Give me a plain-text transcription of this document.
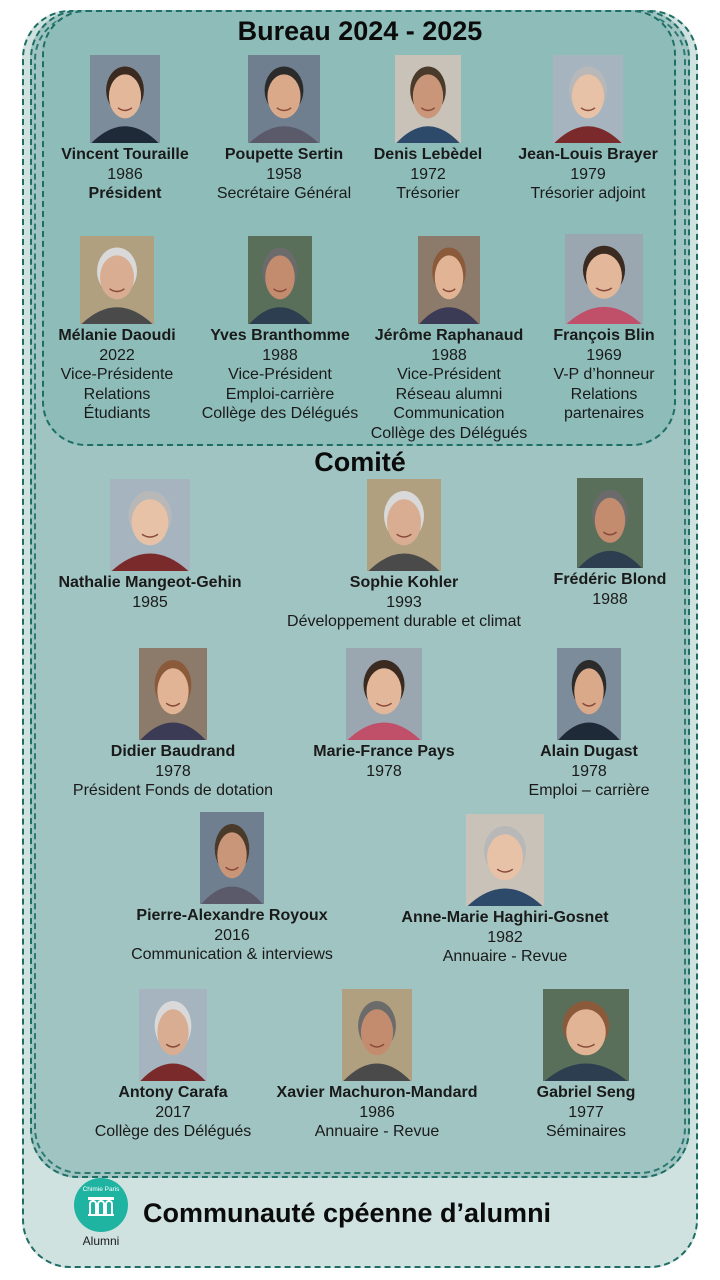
Bureau 2024 - 2025
Comité
Vincent Touraille
1986
Président
Poupette Sertin
1958
Secrétaire Général
Denis Lebèdel
1972
Trésorier
Jean-Louis Brayer
1979
Trésorier adjoint
Mélanie Daoudi
2022
Vice-Présidente
Relations
Étudiants
Yves Branthomme
1988
Vice-Président
Emploi-carrière
Collège des Délégués
Jérôme Raphanaud
1988
Vice-Président
Réseau alumni
Communication
Collège des Délégués
François Blin
1969
V-P d’honneur
Relations
partenaires
Nathalie Mangeot-Gehin
1985
Sophie Kohler
1993
Développement durable et climat
Frédéric Blond
1988
Didier Baudrand
1978
Président Fonds de dotation
Marie-France Pays
1978
Alain Dugast
1978
Emploi – carrière
Pierre-Alexandre Royoux
2016
Communication & interviews
Anne-Marie Haghiri-Gosnet
1982
Annuaire - Revue
Antony Carafa
2017
Collège des Délégués
Xavier Machuron-Mandard
1986
Annuaire - Revue
Gabriel Seng
1977
Séminaires
Chimie Paris
Alumni
Communauté cpéenne d’alumni
